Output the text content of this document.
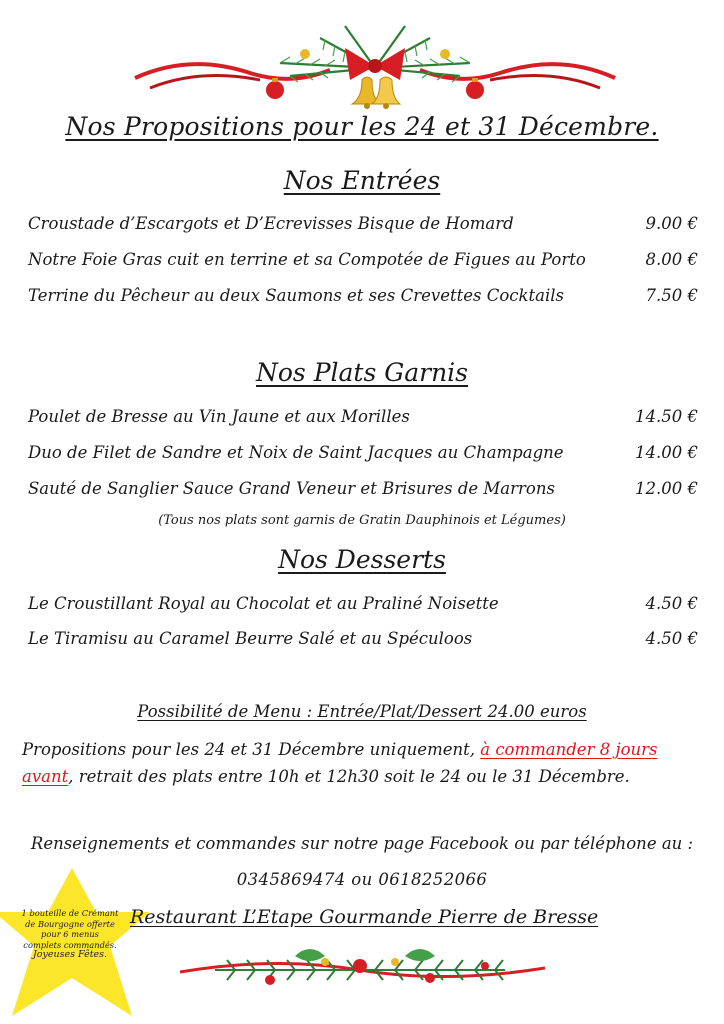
Nos Propositions pour les 24 et 31 Décembre.
Nos Entrées
Croustade d’Escargots et D’Ecrevisses Bisque de Homard	9.00 €
Notre Foie Gras cuit en terrine et sa Compotée de Figues au Porto	8.00 €
Terrine du Pêcheur au deux Saumons et ses Crevettes Cocktails	7.50 €
Nos Plats Garnis
Poulet de Bresse au Vin Jaune et aux Morilles	14.50 €
Duo de Filet de Sandre et Noix de Saint Jacques au Champagne	14.00 €
Sauté de Sanglier Sauce Grand Veneur et Brisures de Marrons	12.00 €
(Tous nos plats sont garnis de Gratin Dauphinois et Légumes)
Nos Desserts
Le Croustillant Royal au Chocolat et au Praliné Noisette	4.50 €
Le Tiramisu au Caramel Beurre Salé et au Spéculoos	4.50 €
Possibilité de Menu : Entrée/Plat/Dessert 24.00 euros
Propositions pour les 24 et 31 Décembre uniquement, à commander 8 jours avant, retrait des plats entre 10h et 12h30 soit le 24 ou le 31 Décembre.
Renseignements et commandes sur notre page Facebook ou par téléphone au :
0345869474 ou 0618252066
1 bouteille de Crémant
de Bourgogne offerte
pour 6 menus
complets commandés.
Joyeuses Fêtes.
Restaurant L’Etape Gourmande Pierre de Bresse
